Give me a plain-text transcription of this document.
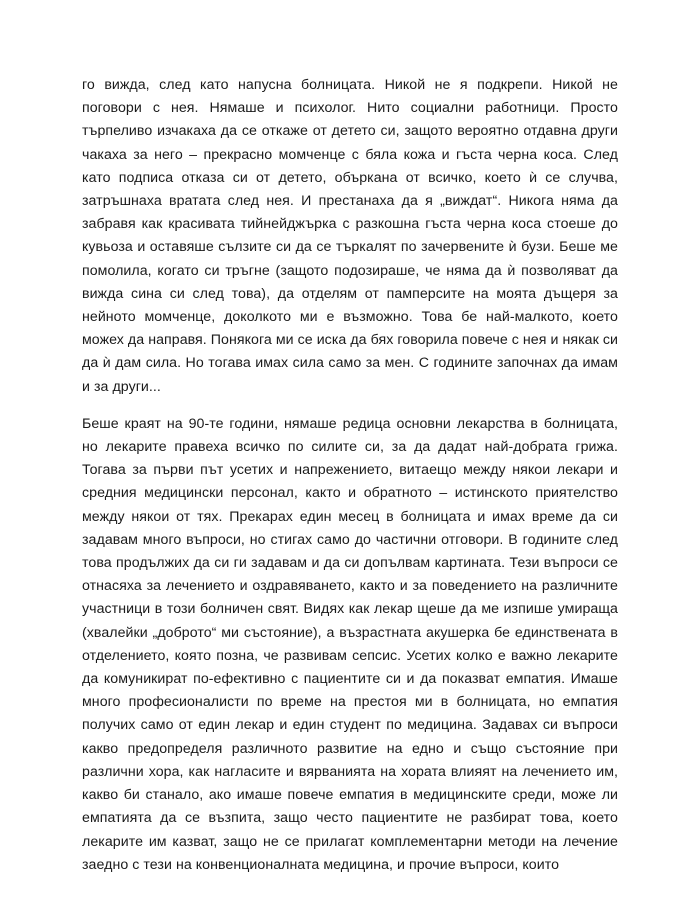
го вижда, след като напусна болницата. Никой не я подкрепи. Никой не поговори с нея. Нямаше и психолог. Нито социални работници. Просто търпеливо изчакаха да се откаже от детето си, защото вероятно отдавна други чакаха за него – прекрасно момченце с бяла кожа и гъста черна коса. След като подписа отказа си от детето, объркана от всичко, което ѝ се случва, затръшнаха вратата след нея. И престанаха да я „виждат“. Никога няма да забравя как красивата тийнейджърка с разкошна гъста черна коса стоеше до кувьоза и оставяше сълзите си да се търкалят по зачервените ѝ бузи. Беше ме помолила, когато си тръгне (защото подозираше, че няма да ѝ позволяват да вижда сина си след това), да отделям от памперсите на моята дъщеря за нейното момченце, доколкото ми е възможно. Това бе най-малкото, което можех да направя. Понякога ми се иска да бях говорила повече с нея и някак си да ѝ дам сила. Но тогава имах сила само за мен. С годините започнах да имам и за други...

Беше краят на 90-те години, нямаше редица основни лекарства в болницата, но лекарите правеха всичко по силите си, за да дадат най-добрата грижа. Тогава за първи път усетих и напрежението, витаещо между някои лекари и средния медицински персонал, както и обратното – истинското приятелство между някои от тях. Прекарах един месец в болницата и имах време да си задавам много въпроси, но стигах само до частични отговори. В годините след това продължих да си ги задавам и да си допълвам картината. Тези въпроси се отнасяха за лечението и оздравяването, както и за поведението на различните участници в този болничен свят. Видях как лекар щеше да ме изпише умираща (хвалейки „доброто“ ми състояние), а възрастната акушерка бе единствената в отделението, която позна, че развивам сепсис. Усетих колко е важно лекарите да комуникират по-ефективно с пациентите си и да показват емпатия. Имаше много професионалисти по време на престоя ми в болницата, но емпатия получих само от един лекар и един студент по медицина. Задавах си въпроси какво предопределя различното развитие на едно и също състояние при различни хора, как нагласите и вярванията на хората влияят на лечението им, какво би станало, ако имаше повече емпатия в медицинските среди, може ли емпатията да се възпита, защо често пациентите не разбират това, което лекарите им казват, защо не се прилагат комплементарни методи на лечение заедно с тези на конвенционалната медицина, и прочие въпроси, които
